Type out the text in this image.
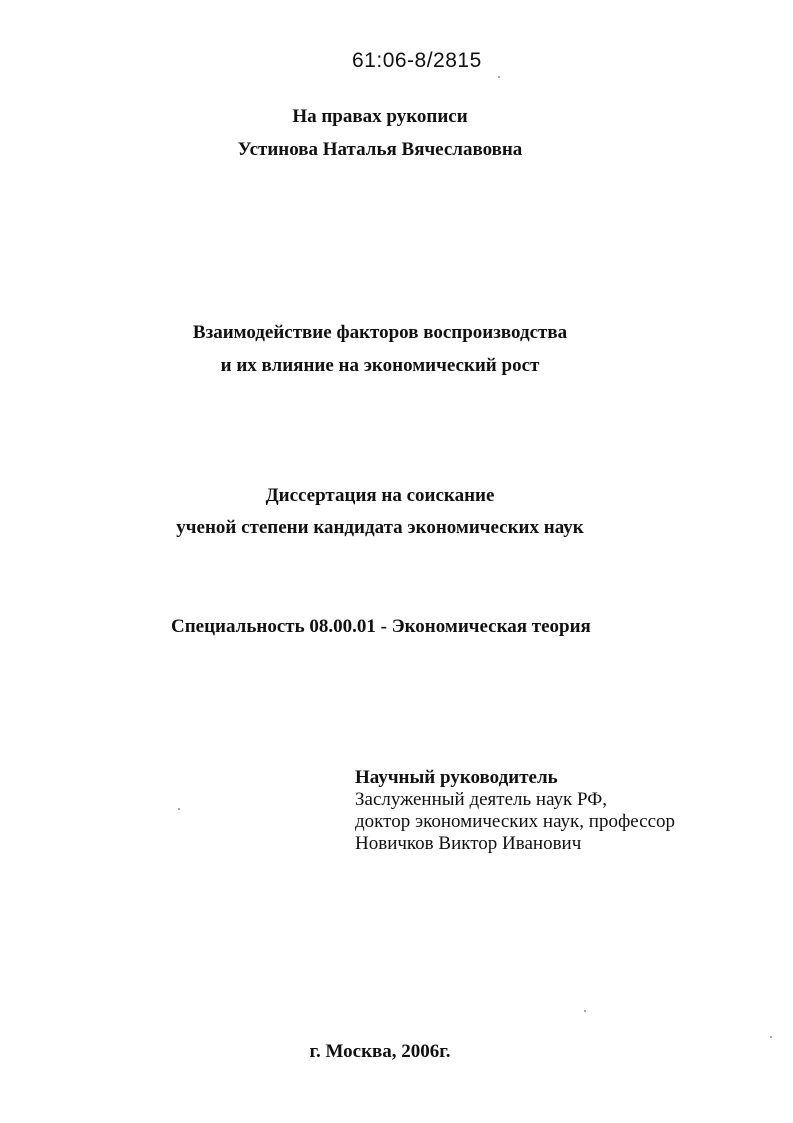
61:06-8/2815
На правах рукописи
Устинова Наталья Вячеславовна
Взаимодействие факторов воспроизводства
и их влияние на экономический рост
Диссертация на соискание
ученой степени кандидата экономических наук
Специальность 08.00.01 - Экономическая теория
Научный руководитель
Заслуженный деятель наук РФ,
доктор экономических наук, профессор
Новичков Виктор Иванович
г. Москва, 2006г.
